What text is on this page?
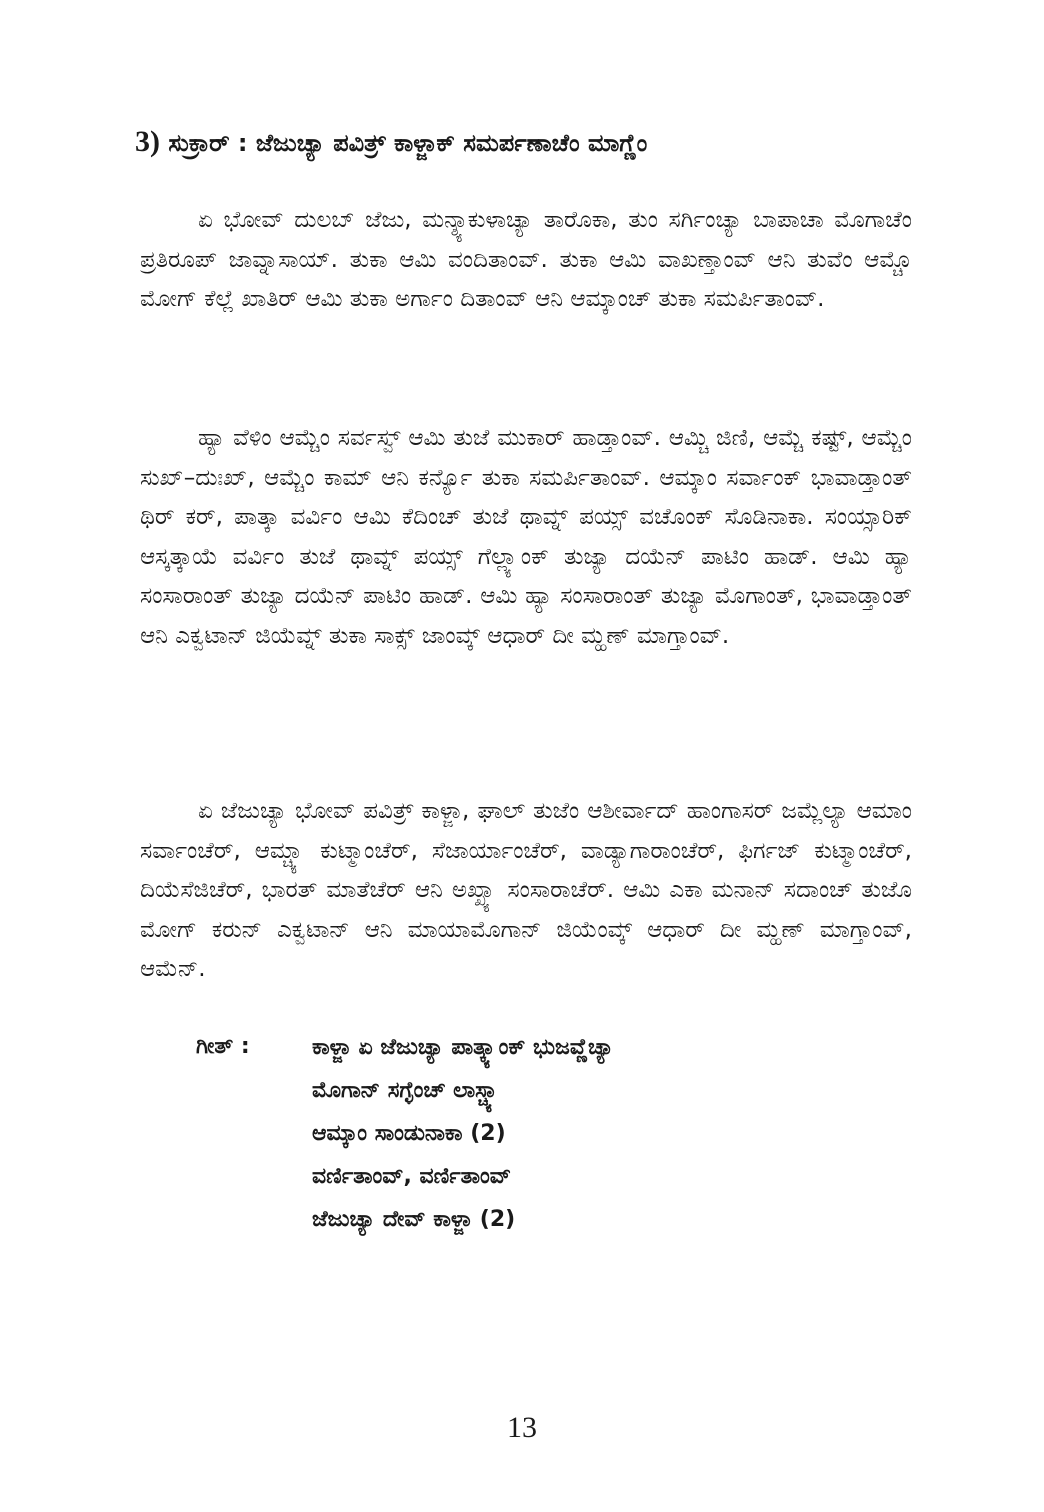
3) ಸುಕ್ರಾರ್ : ಜೆಜುಚ್ಯಾ ಪವಿತ್ರ್ ಕಾಳ್ಜಾಕ್ ಸಮರ್ಪಣಾಚೆಂ ಮಾಗ್ಣೆಂ

ಏ ಭೋವ್ ದುಲಬ್ ಜೆಜು, ಮನ್ಶ್ಯಾಕುಳಾಚ್ಯಾ ತಾರೊಕಾ, ತುಂ ಸರ್ಗಿಂಚ್ಯಾ ಬಾಪಾಚಾ ಮೊಗಾಚೆಂ ಪ್ರತಿರೂಪ್ ಜಾವ್ನಾಸಾಯ್. ತುಕಾ ಆಮಿ ವಂದಿತಾಂವ್. ತುಕಾ ಆಮಿ ವಾಖಣ್ತಾಂವ್ ಆನಿ ತುವೆಂ ಆಮ್ಚೊ ಮೋಗ್ ಕೆಲ್ಲೆ ಖಾತಿರ್ ಆಮಿ ತುಕಾ ಅರ್ಗಾಂ ದಿತಾಂವ್ ಆನಿ ಆಮ್ಕಾಂಚ್ ತುಕಾ ಸಮರ್ಪಿತಾಂವ್.

ಹ್ಯಾ ವೆಳಿಂ ಆಮ್ಚೆಂ ಸರ್ವಸ್ವ್ ಆಮಿ ತುಜೆ ಮುಕಾರ್ ಹಾಡ್ತಾಂವ್. ಆಮ್ಚಿ ಜಿಣಿ, ಆಮ್ಚೆ ಕಷ್ಟ್, ಆಮ್ಚೆಂ ಸುಖ್–ದುಃಖ್, ಆಮ್ಚೆಂ ಕಾಮ್ ಆನಿ ಕರ್ನ್ಯೊ ತುಕಾ ಸಮರ್ಪಿತಾಂವ್. ಆಮ್ಕಾಂ ಸರ್ವಾಂಕ್ ಭಾವಾಡ್ತಾಂತ್ ಥಿರ್ ಕರ್, ಪಾತ್ಕಾ ವರ್ವಿಂ ಆಮಿ ಕೆದಿಂಚ್ ತುಜೆ ಥಾವ್ನ್ ಪಯ್ಸ್ ವಚೊಂಕ್ ಸೊಡಿನಾಕಾ. ಸಂಯ್ಸಾರಿಕ್ ಆಸ್ಕತ್ಕಾಯೆ ವರ್ವಿಂ ತುಜೆ ಥಾವ್ನ್ ಪಯ್ಸ್ ಗೆಲ್ಲ್ಯಾಂಕ್ ತುಜ್ಯಾ ದಯೆನ್ ಪಾಟಿಂ ಹಾಡ್. ಆಮಿ ಹ್ಯಾ ಸಂಸಾರಾಂತ್ ತುಜ್ಯಾ ದಯೆನ್ ಪಾಟಿಂ ಹಾಡ್. ಆಮಿ ಹ್ಯಾ ಸಂಸಾರಾಂತ್ ತುಜ್ಯಾ ಮೊಗಾಂತ್, ಭಾವಾಡ್ತಾಂತ್ ಆನಿ ಎಕ್ವಟಾನ್ ಜಿಯೆವ್ನ್ ತುಕಾ ಸಾಕ್ಸ್ ಜಾಂವ್ಕ್ ಆಧಾರ್ ದೀ ಮ್ಹಣ್ ಮಾಗ್ತಾಂವ್.

ಏ ಜೆಜುಚ್ಯಾ ಭೋವ್ ಪವಿತ್ರ್ ಕಾಳ್ಜಾ, ಘಾಲ್ ತುಜೆಂ ಆಶೀರ್ವಾದ್ ಹಾಂಗಾಸರ್ ಜಮ್ಲೆಲ್ಯಾ ಆಮಾಂ ಸರ್ವಾಂಚೆರ್, ಆಮ್ಚ್ಯಾ ಕುಟ್ಮಾಂಚೆರ್, ಸೆಜಾರ್ಯಾಂಚೆರ್, ವಾಡ್ಯಾಗಾರಾಂಚೆರ್, ಫಿರ್ಗಜ್ ಕುಟ್ಮಾಂಚೆರ್, ದಿಯೆಸೆಜಿಚೆರ್, ಭಾರತ್ ಮಾತೆಚೆರ್ ಆನಿ ಅಖ್ಖ್ಯಾ ಸಂಸಾರಾಚೆರ್. ಆಮಿ ಎಕಾ ಮನಾನ್ ಸದಾಂಚ್ ತುಜೊ ಮೋಗ್ ಕರುನ್ ಎಕ್ವಟಾನ್ ಆನಿ ಮಾಯಾಮೊಗಾನ್ ಜಿಯೆಂವ್ಕ್ ಆಧಾರ್ ದೀ ಮ್ಹಣ್ ಮಾಗ್ತಾಂವ್, ಆಮೆನ್.

ಗೀತ್ :	ಕಾಳ್ಜಾ ಏ ಜೆಜುಚ್ಯಾ ಪಾತ್ಕ್ಯಾಂಕ್ ಭುಜವ್ಣೆಚ್ಯಾ
ಮೊಗಾನ್ ಸಗ್ಳೆಂಚ್ ಲಾಸ್ಚ್ಯಾ
ಆಮ್ಕಾಂ ಸಾಂಡುನಾಕಾ (2)
ವರ್ಣಿತಾಂವ್, ವರ್ಣಿತಾಂವ್
ಜೆಜುಚ್ಯಾ ದೇವ್ ಕಾಳ್ಜಾ (2)
13
